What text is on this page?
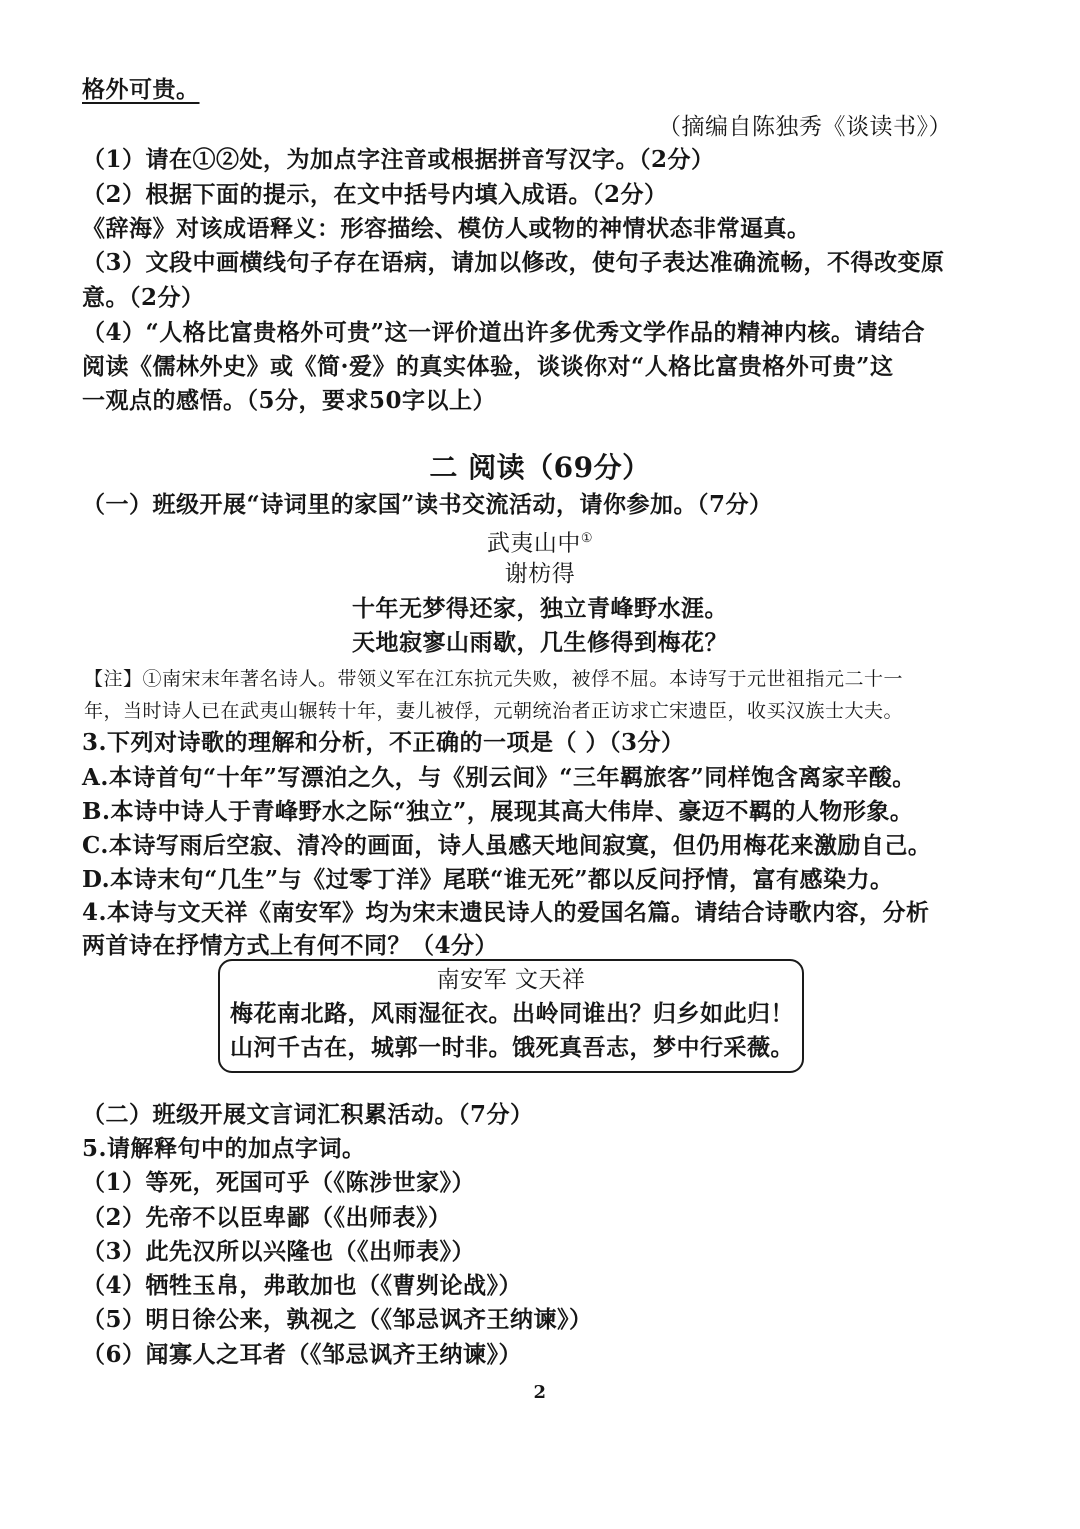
格外可贵。
（摘编自陈独秀《谈读书》）
（1）请在①②处，为加点字注音或根据拼音写汉字。（2分）
（2）根据下面的提示，在文中括号内填入成语。（2分）
《辞海》对该成语释义：形容描绘、模仿人或物的神情状态非常逼真。
（3）文段中画横线句子存在语病，请加以修改，使句子表达准确流畅，不得改变原
意。（2分）
（4）“人格比富贵格外可贵”这一评价道出许多优秀文学作品的精神内核。请结合
阅读《儒林外史》或《简·爱》的真实体验，谈谈你对“人格比富贵格外可贵”这
一观点的感悟。（5分，要求50字以上）
二 阅读（69分）
（一）班级开展“诗词里的家国”读书交流活动，请你参加。（7分）
武夷山中①
谢枋得
十年无梦得还家，独立青峰野水涯。
天地寂寥山雨歇，几生修得到梅花？
【注】①南宋末年著名诗人。带领义军在江东抗元失败，被俘不屈。本诗写于元世祖指元二十一
年，当时诗人已在武夷山辗转十年，妻儿被俘，元朝统治者正访求亡宋遗臣，收买汉族士大夫。
3.下列对诗歌的理解和分析，不正确的一项是（ ）（3分）
A.本诗首句“十年”写漂泊之久，与《别云间》“三年羁旅客”同样饱含离家辛酸。
B.本诗中诗人于青峰野水之际“独立”，展现其高大伟岸、豪迈不羁的人物形象。
C.本诗写雨后空寂、清冷的画面，诗人虽感天地间寂寞，但仍用梅花来激励自己。
D.本诗末句“几生”与《过零丁洋》尾联“谁无死”都以反问抒情，富有感染力。
4.本诗与文天祥《南安军》均为宋末遗民诗人的爱国名篇。请结合诗歌内容，分析
两首诗在抒情方式上有何不同？（4分）
南安军 文天祥
梅花南北路，风雨湿征衣。出岭同谁出？归乡如此归！
山河千古在，城郭一时非。饿死真吾志，梦中行采薇。
（二）班级开展文言词汇积累活动。（7分）
5.请解释句中的加点字词。
（1）等死，死国可乎（《陈涉世家》）
（2）先帝不以臣卑鄙（《出师表》）
（3）此先汉所以兴隆也（《出师表》）
（4）牺牲玉帛，弗敢加也（《曹刿论战》）
（5）明日徐公来，孰视之（《邹忌讽齐王纳谏》）
（6）闻寡人之耳者（《邹忌讽齐王纳谏》）
2
